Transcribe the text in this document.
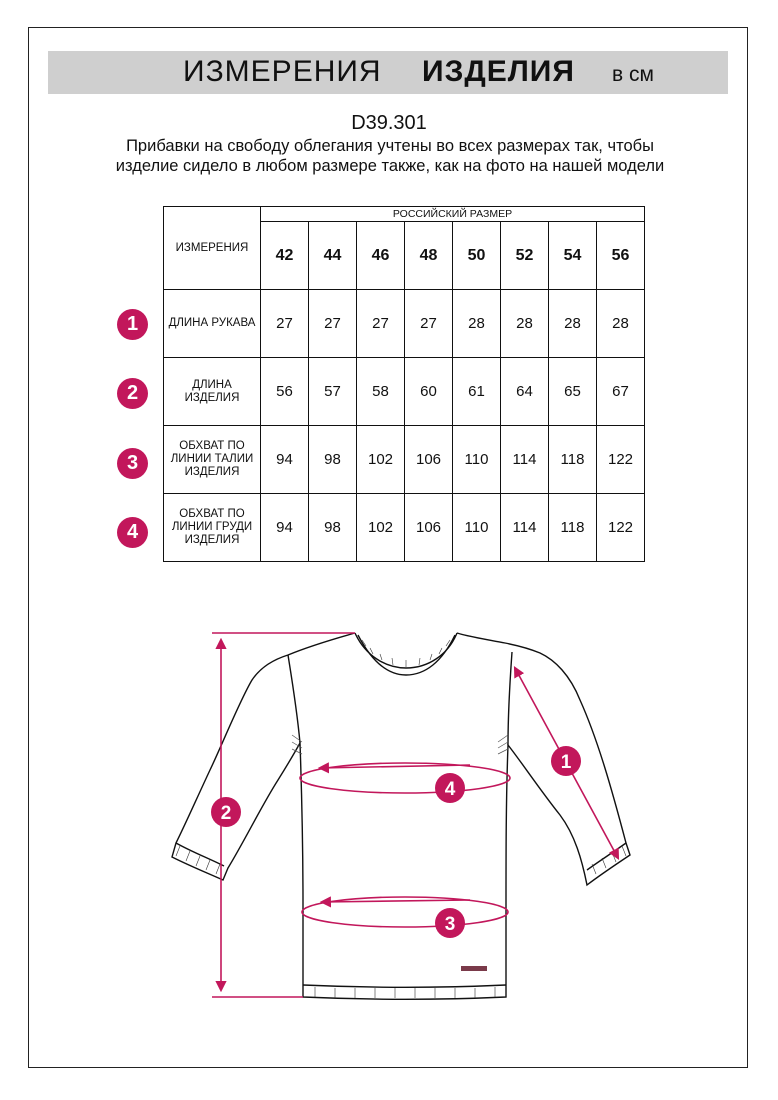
ИЗМЕРЕНИЯ ИЗДЕЛИЯ в см
D39.301
Прибавки на свободу облегания учтены во всех размерах так, чтобы изделие сидело в любом размере также, как на фото на нашей модели
ИЗМЕРЕНИЯ	РОССИЙСКИЙ РАЗМЕР							
	42	44	46	48	50	52	54	56
ДЛИНА РУКАВА	27	27	27	27	28	28	28	28
ДЛИНА ИЗДЕЛИЯ	56	57	58	60	61	64	65	67
ОБХВАТ ПО ЛИНИИ ТАЛИИ ИЗДЕЛИЯ	94	98	102	106	110	114	118	122
ОБХВАТ ПО ЛИНИИ ГРУДИ ИЗДЕЛИЯ	94	98	102	106	110	114	118	122
1
2
3
4
1
2
3
4
